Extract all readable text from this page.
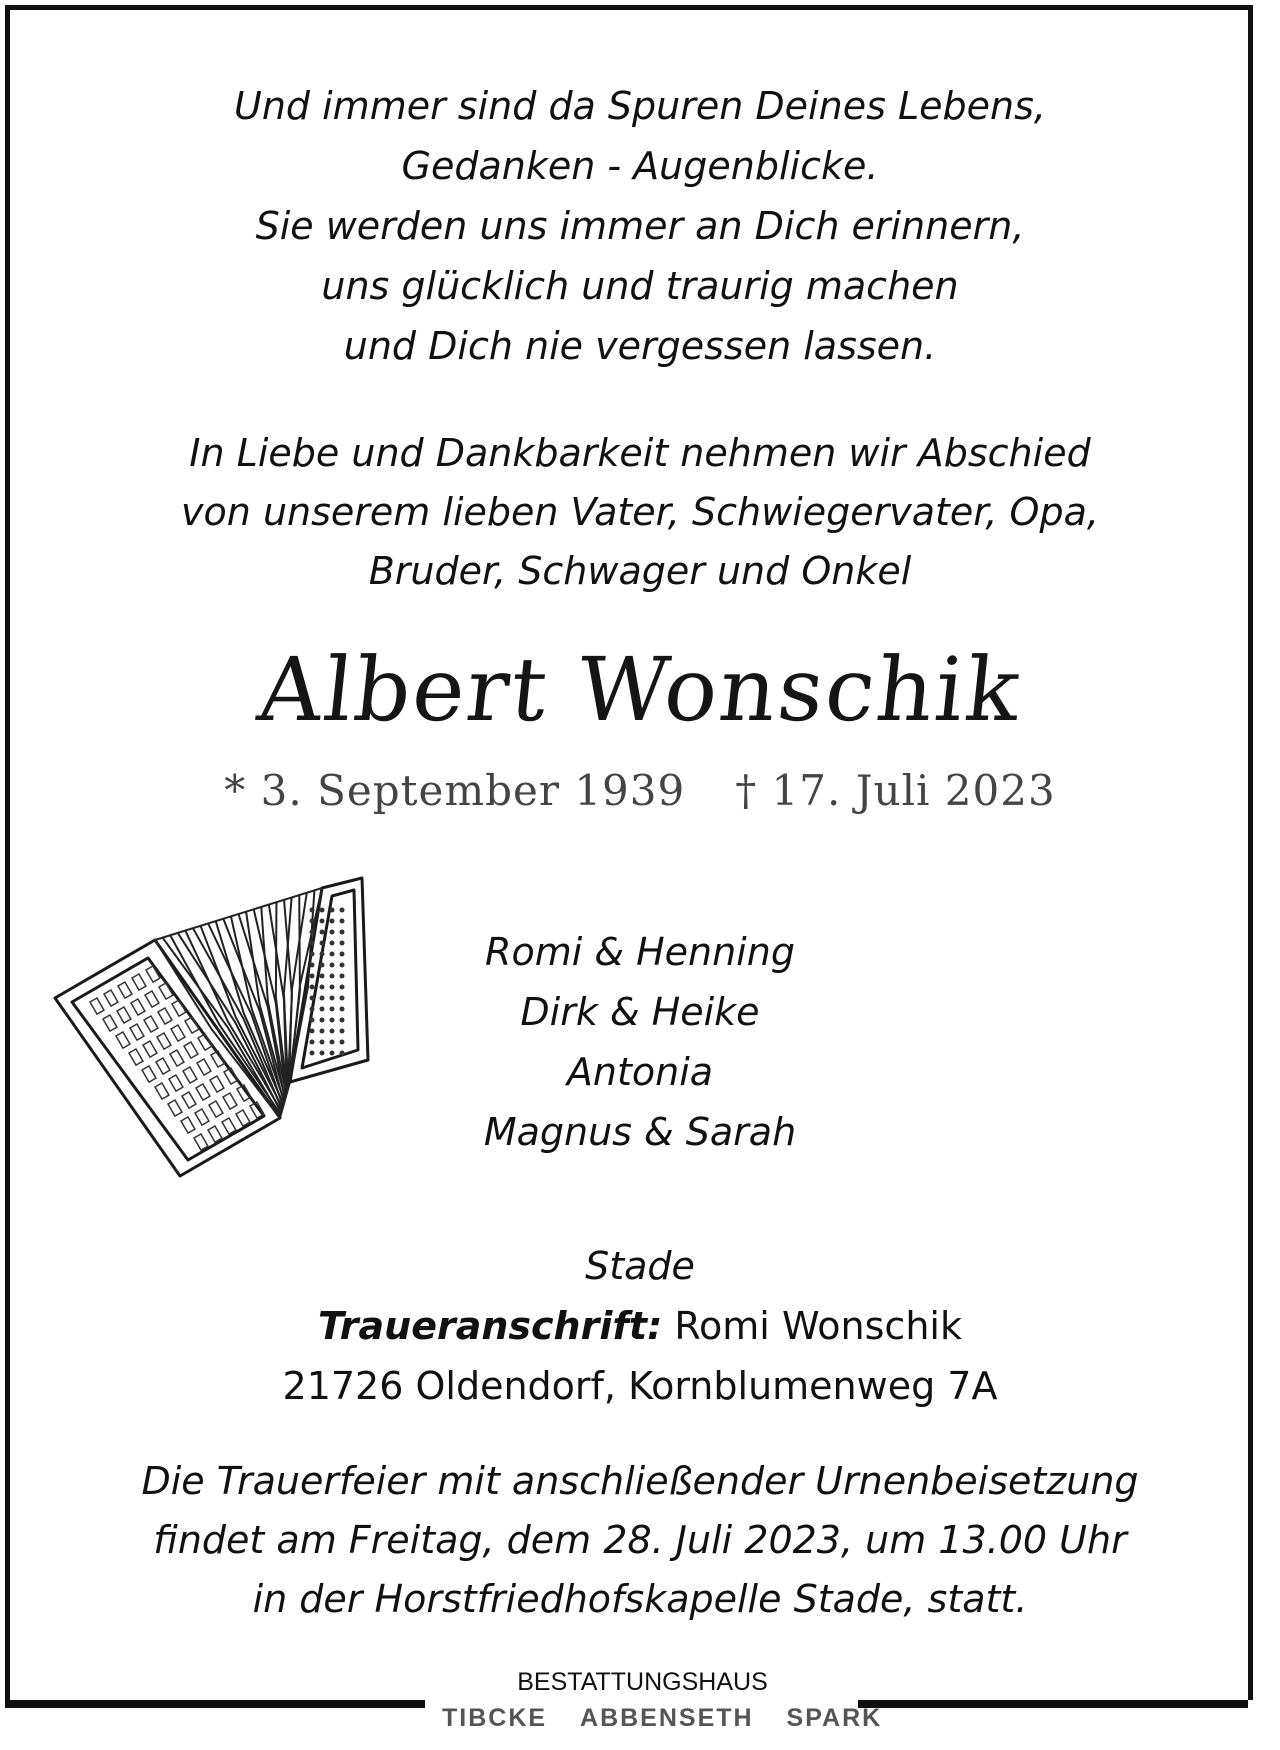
Und immer sind da Spuren Deines Lebens,
Gedanken - Augenblicke.
Sie werden uns immer an Dich erinnern,
uns glücklich und traurig machen
und Dich nie vergessen lassen.
In Liebe und Dankbarkeit nehmen wir Abschied
von unserem lieben Vater, Schwiegervater, Opa,
Bruder, Schwager und Onkel
Albert Wonschik
* 3. September 1939 † 17. Juli 2023
Romi & Henning
Dirk & Heike
Antonia
Magnus & Sarah
Stade
Traueranschrift: Romi Wonschik
21726 Oldendorf, Kornblumenweg 7A
Die Trauerfeier mit anschließender Urnenbeisetzung
findet am Freitag, dem 28. Juli 2023, um 13.00 Uhr
in der Horstfriedhofskapelle Stade, statt.
BESTATTUNGSHAUS
TIBCKE ABBENSETH SPARK
